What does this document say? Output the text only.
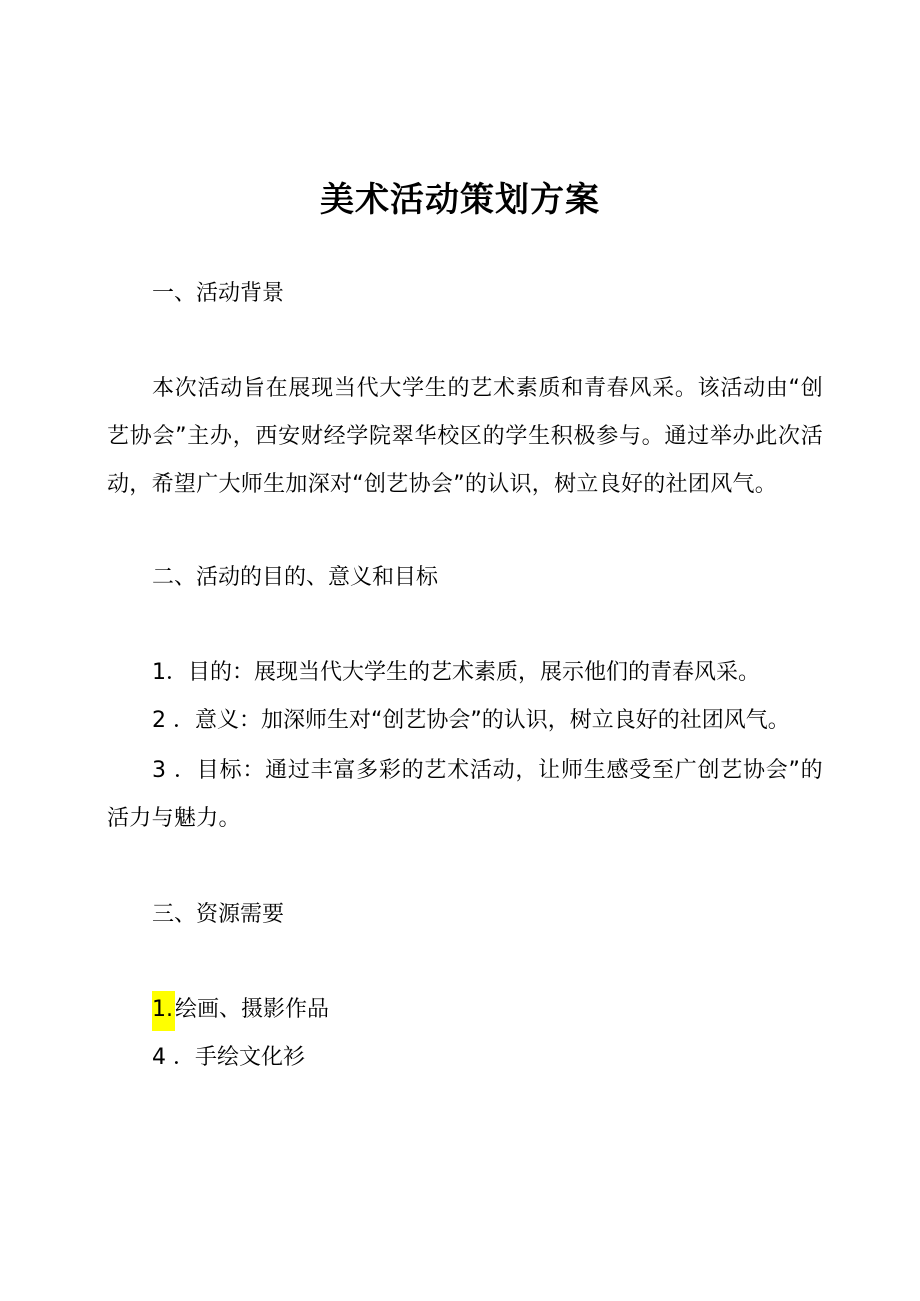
美术活动策划方案
一、活动背景

本次活动旨在展现当代大学生的艺术素质和青春风采。该活动由“创艺协会”主办，西安财经学院翠华校区的学生积极参与。通过举办此次活动，希望广大师生加深对“创艺协会”的认识，树立良好的社团风气。

二、活动的目的、意义和目标
1．目的：展现当代大学生的艺术素质，展示他们的青春风采。
2 ．意义：加深师生对“创艺协会”的认识，树立良好的社团风气。

3 ．目标：通过丰富多彩的艺术活动，让师生感受至广创艺协会”的活力与魅力。

三、资源需要
1.绘画、摄影作品
4 ．手绘文化衫
